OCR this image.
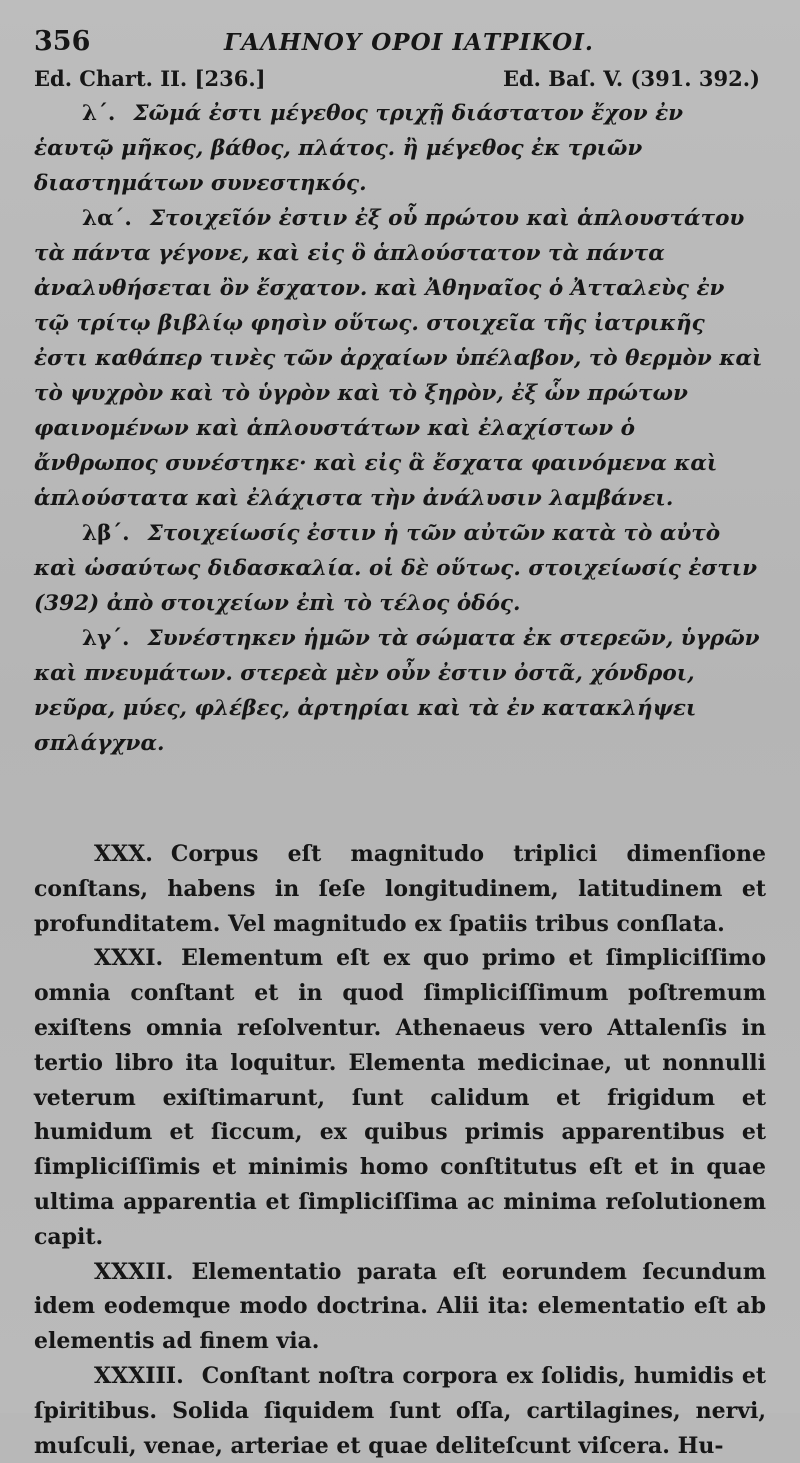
356	ΓΑΛΗΝΟΥ ΟΡΟΙ ΙΑΤΡΙΚΟΙ.
Ed. Chart. II. [236.]	Ed. Baſ. V. (391. 392.)

λ΄. Σῶμά ἐστι μέγεθος τριχῇ διάστατον ἔχον ἐν ἑαυτῷ μῆκος, βάθος, πλάτος. ἢ μέγεθος ἐκ τριῶν διαστημάτων συνεστηκός.

λα΄. Στοιχεῖόν ἐστιν ἐξ οὗ πρώτου καὶ ἁπλουστάτου τὰ πάντα γέγονε, καὶ εἰς ὃ ἁπλούστατον τὰ πάντα ἀναλυθήσεται ὂν ἔσχατον. καὶ Ἀθηναῖος ὁ Ἀτταλεὺς ἐν τῷ τρίτῳ βιβλίῳ φησὶν οὕτως. στοιχεῖα τῆς ἰατρικῆς ἐστι καθάπερ τινὲς τῶν ἀρχαίων ὑπέλαβον, τὸ θερμὸν καὶ τὸ ψυχρὸν καὶ τὸ ὑγρὸν καὶ τὸ ξηρὸν, ἐξ ὧν πρώτων φαινομένων καὶ ἁπλουστάτων καὶ ἐλαχίστων ὁ ἄνθρωπος συνέστηκε· καὶ εἰς ἃ ἔσχατα φαινόμενα καὶ ἁπλούστατα καὶ ἐλάχιστα τὴν ἀνάλυσιν λαμβάνει.

λβ΄. Στοιχείωσίς ἐστιν ἡ τῶν αὐτῶν κατὰ τὸ αὐτὸ καὶ ὡσαύτως διδασκαλία. οἱ δὲ οὕτως. στοιχείωσίς ἐστιν (392) ἀπὸ στοιχείων ἐπὶ τὸ τέλος ὁδός.

λγ΄. Συνέστηκεν ἡμῶν τὰ σώματα ἐκ στερεῶν, ὑγρῶν καὶ πνευμάτων. στερεὰ μὲν οὖν ἐστιν ὀστᾶ, χόνδροι, νεῦρα, μύες, φλέβες, ἀρτηρίαι καὶ τὰ ἐν κατακλήψει σπλάγχνα.

XXX. Corpus eſt magnitudo triplici dimenſione conſtans, habens in ſeſe longitudinem, latitudinem et profunditatem. Vel magnitudo ex ſpatiis tribus conſlata.

XXXI. Elementum eſt ex quo primo et ſimpliciſſimo omnia conſtant et in quod ſimpliciſſimum poſtremum exiſtens omnia reſolventur. Athenaeus vero Attalenſis in tertio libro ita loquitur. Elementa medicinae, ut nonnulli veterum exiſtimarunt, ſunt calidum et frigidum et humidum et ſiccum, ex quibus primis apparentibus et ſimpliciſſimis et minimis homo conſtitutus eſt et in quae ultima apparentia et ſimpliciſſima ac minima reſolutionem capit.

XXXII. Elementatio parata eſt eorundem ſecundum idem eodemque modo doctrina. Alii ita: elementatio eſt ab elementis ad finem via.

XXXIII. Conſtant noſtra corpora ex ſolidis, humidis et ſpiritibus. Solida ſiquidem ſunt oſſa, cartilagines, nervi, muſculi, venae, arteriae et quae deliteſcunt viſcera. Hu-
